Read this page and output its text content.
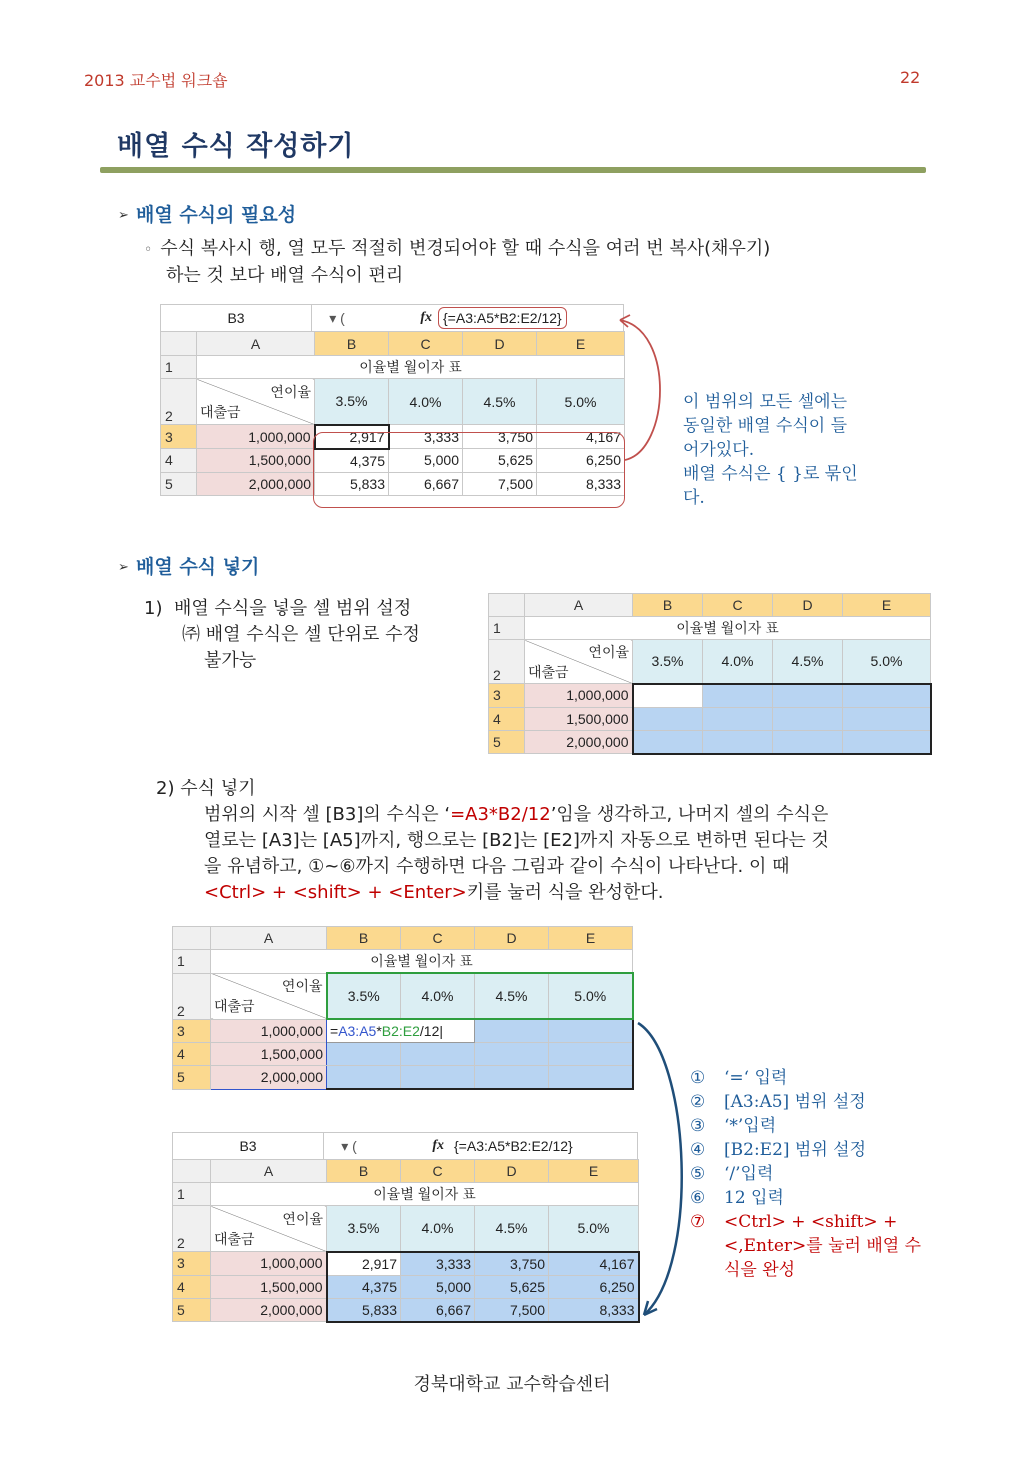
2013 교수법 워크숍	22
배열 수식 작성하기
➢ 배열 수식의 필요성
◦ 수식 복사시 행, 열 모두 적절히 변경되어야 할 때 수식을 여러 번 복사(채우기)
하는 것 보다 배열 수식이 편리
B3	▾ (	fx {=A3:A5*B2:E2/12}
	A	B	C	D	E
1	이율별 월이자 표				
2	연이율
대출금	3.5%	4.0%	4.5%	5.0%
3	1,000,000	2,917	3,333	3,750	4,167
4	1,500,000	4,375	5,000	5,625	6,250
5	2,000,000	5,833	6,667	7,500	8,333
이 범위의 모든 셀에는
동일한 배열 수식이 들
어가있다.
배열 수식은 { }로 묶인
다.
➢ 배열 수식 넣기
1) 배열 수식을 넣을 셀 범위 설정
㈜ 배열 수식은 셀 단위로 수정
불가능
	A	B	C	D	E
1	이율별 월이자 표				
2	연이율
대출금	3.5%	4.0%	4.5%	5.0%
3	1,000,000				
4	1,500,000				
5	2,000,000				
2) 수식 넣기
범위의 시작 셀 [B3]의 수식은 ‘=A3*B2/12’임을 생각하고, 나머지 셀의 수식은
열로는 [A3]는 [A5]까지, 행으로는 [B2]는 [E2]까지 자동으로 변하면 된다는 것
을 유념하고, ①~⑥까지 수행하면 다음 그림과 같이 수식이 나타난다. 이 때
<Ctrl> + <shift> + <Enter>키를 눌러 식을 완성한다.
	A	B	C	D	E
1	이율별 월이자 표				
2	연이율
대출금	3.5%	4.0%	4.5%	5.0%
3	1,000,000	=A3:A5*B2:E2/12|			
4	1,500,000				
5	2,000,000				
B3	▾ (	fx {=A3:A5*B2:E2/12}
	A	B	C	D	E
1	이율별 월이자 표				
2	연이율
대출금	3.5%	4.0%	4.5%	5.0%
3	1,000,000	2,917	3,333	3,750	4,167
4	1,500,000	4,375	5,000	5,625	6,250
5	2,000,000	5,833	6,667	7,500	8,333
①	‘=‘ 입력
②	[A3:A5] 범위 설정
③	‘*’입력
④	[B2:E2] 범위 설정
⑤	‘/’입력
⑥	12 입력
⑦	<Ctrl> + <shift> +
<,Enter>를 눌러 배열 수
식을 완성
경북대학교 교수학습센터
